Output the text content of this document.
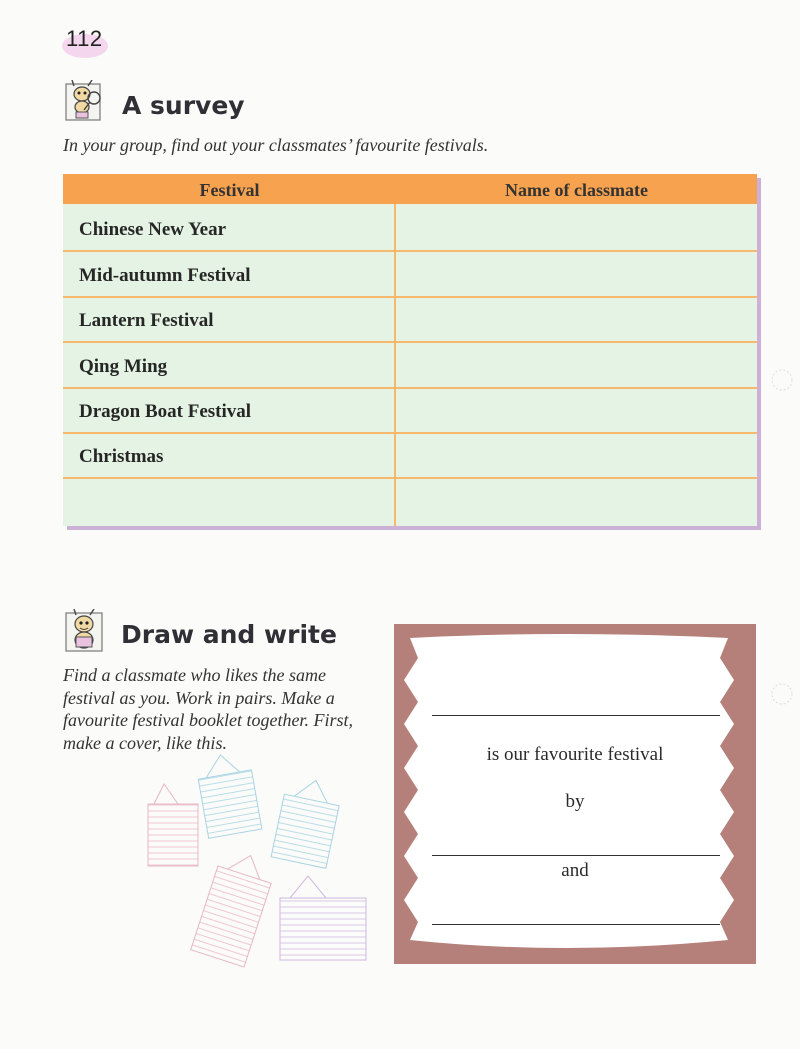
112
A survey
In your group, find out your classmates’ favourite festivals.
Festival	Name of classmate
Chinese New Year
Mid-autumn Festival
Lantern Festival
Qing Ming
Dragon Boat Festival
Christmas
Draw and write
Find a classmate who likes the same
festival as you. Work in pairs. Make a
favourite festival booklet together. First,
make a cover, like this.
is our favourite festival
by
and
